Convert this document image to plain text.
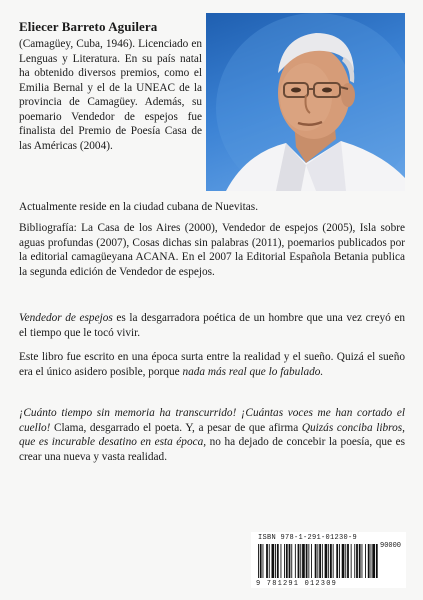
Eliecer Barreto Aguilera
(Camagüey, Cuba, 1946). Licenciado en Lenguas y Literatura. En su país natal ha obtenido diversos premios, como el Emilia Bernal y el de la UNEAC de la provincia de Camagüey. Además, su poemario Vendedor de espejos fue finalista del Premio de Poesía Casa de las Américas (2004).
Actualmente reside en la ciudad cubana de Nuevitas.
Bibliografía: La Casa de los Aires (2000), Vendedor de espejos (2005), Isla sobre aguas profundas (2007), Cosas dichas sin palabras (2011), poemarios publicados por la editorial camagüeyana ACANA. En el 2007 la Editorial Española Betania publica la segunda edición de Vendedor de espejos.
Vendedor de espejos es la desgarradora poética de un hombre que una vez creyó en el tiempo que le tocó vivir.
Este libro fue escrito en una época surta entre la realidad y el sueño. Quizá el sueño era el único asidero posible, porque nada más real que lo fabulado.
¡Cuánto tiempo sin memoria ha transcurrido! ¡Cuántas voces me han cortado el cuello! Clama, desgarrado el poeta. Y, a pesar de que afirma Quizás conciba libros, que es incurable desatino en esta época, no ha dejado de concebir la poesía, que es crear una nueva y vasta realidad.
ISBN 978-1-291-01230-9
90000
9 781291 012309
